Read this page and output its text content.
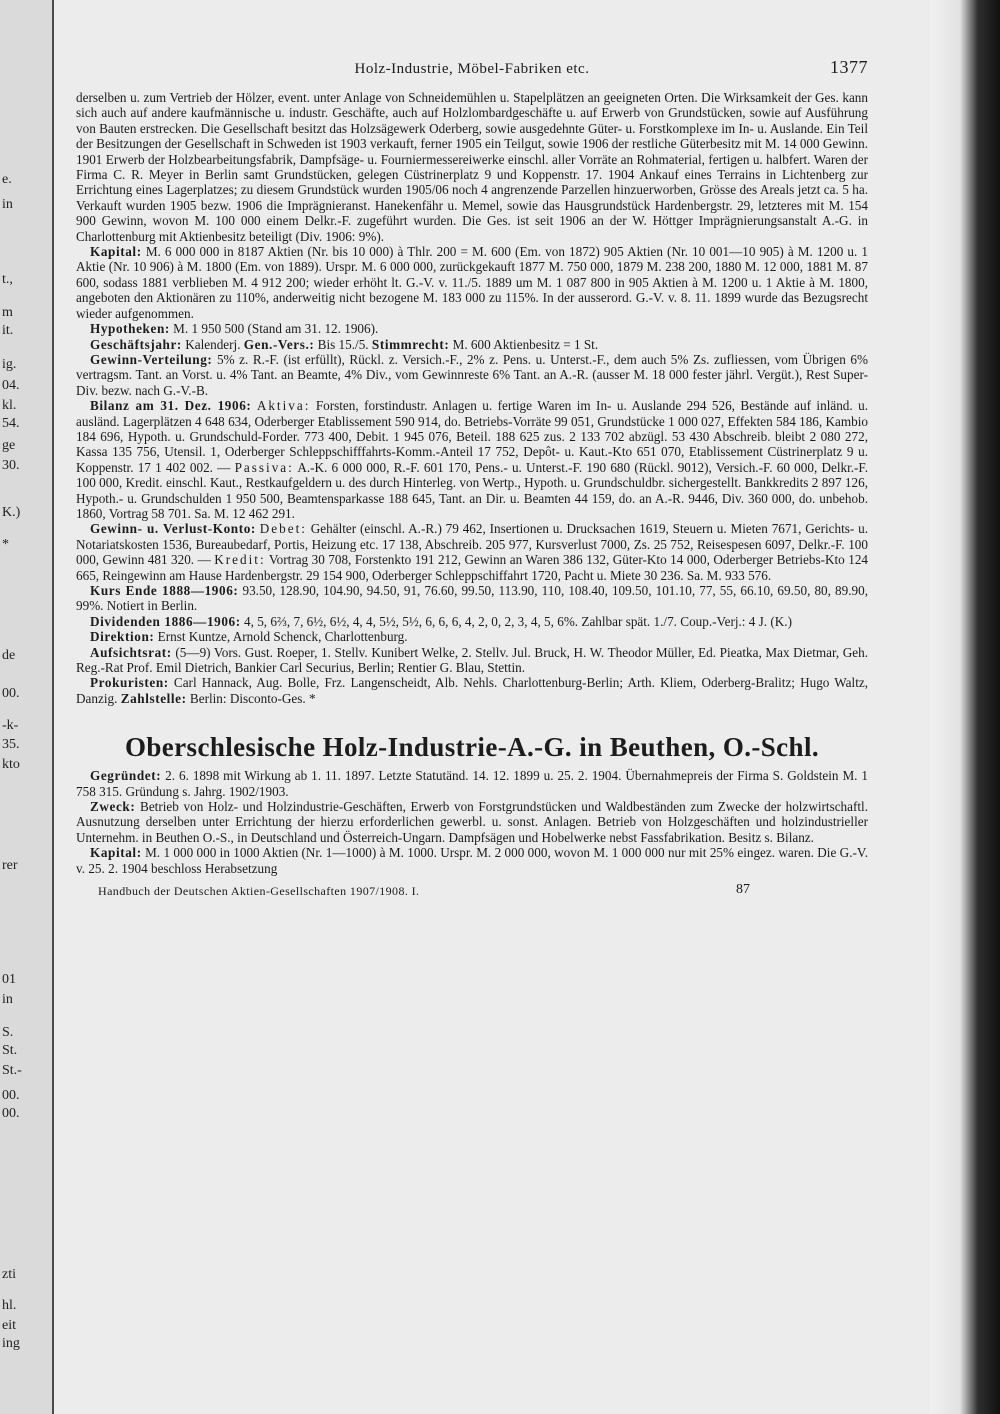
e.
in
t.,
m
it.
ig.
04.
kl.
54.
ge
30.
K.)
*
de
00.
-k-
35.
kto
rer
01
in
S.
St.
St.-
00.
00.
zti
hl.
eit
ing
Holz-Industrie, Möbel-Fabriken etc.	1377

derselben u. zum Vertrieb der Hölzer, event. unter Anlage von Schneidemühlen u. Stapelplätzen an geeigneten Orten. Die Wirksamkeit der Ges. kann sich auch auf andere kaufmännische u. industr. Geschäfte, auch auf Holzlombardgeschäfte u. auf Erwerb von Grundstücken, sowie auf Ausführung von Bauten erstrecken. Die Gesellschaft besitzt das Holzsägewerk Oderberg, sowie ausgedehnte Güter- u. Forstkomplexe im In- u. Auslande. Ein Teil der Besitzungen der Gesellschaft in Schweden ist 1903 verkauft, ferner 1905 ein Teilgut, sowie 1906 der restliche Güterbesitz mit M. 14 000 Gewinn. 1901 Erwerb der Holzbearbeitungsfabrik, Dampfsäge- u. Fourniermessereiwerke einschl. aller Vorräte an Rohmaterial, fertigen u. halbfert. Waren der Firma C. R. Meyer in Berlin samt Grundstücken, gelegen Cüstrinerplatz 9 und Koppenstr. 17. 1904 Ankauf eines Terrains in Lichtenberg zur Errichtung eines Lagerplatzes; zu diesem Grundstück wurden 1905/06 noch 4 angrenzende Parzellen hinzuerworben, Grösse des Areals jetzt ca. 5 ha. Verkauft wurden 1905 bezw. 1906 die Imprägnieranst. Hanekenfähr u. Memel, sowie das Hausgrundstück Hardenbergstr. 29, letzteres mit M. 154 900 Gewinn, wovon M. 100 000 einem Delkr.-F. zugeführt wurden. Die Ges. ist seit 1906 an der W. Höttger Imprägnierungsanstalt A.-G. in Charlottenburg mit Aktienbesitz beteiligt (Div. 1906: 9%).

Kapital: M. 6 000 000 in 8187 Aktien (Nr. bis 10 000) à Thlr. 200 = M. 600 (Em. von 1872) 905 Aktien (Nr. 10 001—10 905) à M. 1200 u. 1 Aktie (Nr. 10 906) à M. 1800 (Em. von 1889). Urspr. M. 6 000 000, zurückgekauft 1877 M. 750 000, 1879 M. 238 200, 1880 M. 12 000, 1881 M. 87 600, sodass 1881 verblieben M. 4 912 200; wieder erhöht lt. G.-V. v. 11./5. 1889 um M. 1 087 800 in 905 Aktien à M. 1200 u. 1 Aktie à M. 1800, angeboten den Aktionären zu 110%, anderweitig nicht bezogene M. 183 000 zu 115%. In der ausserord. G.-V. v. 8. 11. 1899 wurde das Bezugsrecht wieder aufgenommen.

Hypotheken: M. 1 950 500 (Stand am 31. 12. 1906).

Geschäftsjahr: Kalenderj. Gen.-Vers.: Bis 15./5. Stimmrecht: M. 600 Aktienbesitz = 1 St.

Gewinn-Verteilung: 5% z. R.-F. (ist erfüllt), Rückl. z. Versich.-F., 2% z. Pens. u. Unterst.-F., dem auch 5% Zs. zufliessen, vom Übrigen 6% vertragsm. Tant. an Vorst. u. 4% Tant. an Beamte, 4% Div., vom Gewinnreste 6% Tant. an A.-R. (ausser M. 18 000 fester jährl. Vergüt.), Rest Super-Div. bezw. nach G.-V.-B.

Bilanz am 31. Dez. 1906: Aktiva: Forsten, forstindustr. Anlagen u. fertige Waren im In- u. Auslande 294 526, Bestände auf inländ. u. ausländ. Lagerplätzen 4 648 634, Oderberger Etablissement 590 914, do. Betriebs-Vorräte 99 051, Grundstücke 1 000 027, Effekten 584 186, Kambio 184 696, Hypoth. u. Grundschuld-Forder. 773 400, Debit. 1 945 076, Beteil. 188 625 zus. 2 133 702 abzügl. 53 430 Abschreib. bleibt 2 080 272, Kassa 135 756, Utensil. 1, Oderberger Schleppschifffahrts-Komm.-Anteil 17 752, Depôt- u. Kaut.-Kto 651 070, Etablissement Cüstrinerplatz 9 u. Koppenstr. 17 1 402 002. — Passiva: A.-K. 6 000 000, R.-F. 601 170, Pens.- u. Unterst.-F. 190 680 (Rückl. 9012), Versich.-F. 60 000, Delkr.-F. 100 000, Kredit. einschl. Kaut., Restkaufgeldern u. des durch Hinterleg. von Wertp., Hypoth. u. Grundschuldbr. sichergestellt. Bankkredits 2 897 126, Hypoth.- u. Grundschulden 1 950 500, Beamtensparkasse 188 645, Tant. an Dir. u. Beamten 44 159, do. an A.-R. 9446, Div. 360 000, do. unbehob. 1860, Vortrag 58 701. Sa. M. 12 462 291.

Gewinn- u. Verlust-Konto: Debet: Gehälter (einschl. A.-R.) 79 462, Insertionen u. Drucksachen 1619, Steuern u. Mieten 7671, Gerichts- u. Notariatskosten 1536, Bureaubedarf, Portis, Heizung etc. 17 138, Abschreib. 205 977, Kursverlust 7000, Zs. 25 752, Reisespesen 6097, Delkr.-F. 100 000, Gewinn 481 320. — Kredit: Vortrag 30 708, Forstenkto 191 212, Gewinn an Waren 386 132, Güter-Kto 14 000, Oderberger Betriebs-Kto 124 665, Reingewinn am Hause Hardenbergstr. 29 154 900, Oderberger Schleppschiffahrt 1720, Pacht u. Miete 30 236. Sa. M. 933 576.

Kurs Ende 1888—1906: 93.50, 128.90, 104.90, 94.50, 91, 76.60, 99.50, 113.90, 110, 108.40, 109.50, 101.10, 77, 55, 66.10, 69.50, 80, 89.90, 99%. Notiert in Berlin.

Dividenden 1886—1906: 4, 5, 6⅔, 7, 6½, 6½, 4, 4, 5½, 5½, 6, 6, 6, 4, 2, 0, 2, 3, 4, 5, 6%. Zahlbar spät. 1./7. Coup.-Verj.: 4 J. (K.)

Direktion: Ernst Kuntze, Arnold Schenck, Charlottenburg.

Aufsichtsrat: (5—9) Vors. Gust. Roeper, 1. Stellv. Kunibert Welke, 2. Stellv. Jul. Bruck, H. W. Theodor Müller, Ed. Pieatka, Max Dietmar, Geh. Reg.-Rat Prof. Emil Dietrich, Bankier Carl Securius, Berlin; Rentier G. Blau, Stettin.

Prokuristen: Carl Hannack, Aug. Bolle, Frz. Langenscheidt, Alb. Nehls. Charlottenburg-Berlin; Arth. Kliem, Oderberg-Bralitz; Hugo Waltz, Danzig. Zahlstelle: Berlin: Disconto-Ges. *

Oberschlesische Holz-Industrie-A.-G. in Beuthen, O.-Schl.

Gegründet: 2. 6. 1898 mit Wirkung ab 1. 11. 1897. Letzte Statutänd. 14. 12. 1899 u. 25. 2. 1904. Übernahmepreis der Firma S. Goldstein M. 1 758 315. Gründung s. Jahrg. 1902/1903.

Zweck: Betrieb von Holz- und Holzindustrie-Geschäften, Erwerb von Forstgrundstücken und Waldbeständen zum Zwecke der holzwirtschaftl. Ausnutzung derselben unter Errichtung der hierzu erforderlichen gewerbl. u. sonst. Anlagen. Betrieb von Holzgeschäften und holzindustrieller Unternehm. in Beuthen O.-S., in Deutschland und Österreich-Ungarn. Dampfsägen und Hobelwerke nebst Fassfabrikation. Besitz s. Bilanz.

Kapital: M. 1 000 000 in 1000 Aktien (Nr. 1—1000) à M. 1000. Urspr. M. 2 000 000, wovon M. 1 000 000 nur mit 25% eingez. waren. Die G.-V. v. 25. 2. 1904 beschloss Herabsetzung

Handbuch der Deutschen Aktien-Gesellschaften 1907/1908. I.	87
